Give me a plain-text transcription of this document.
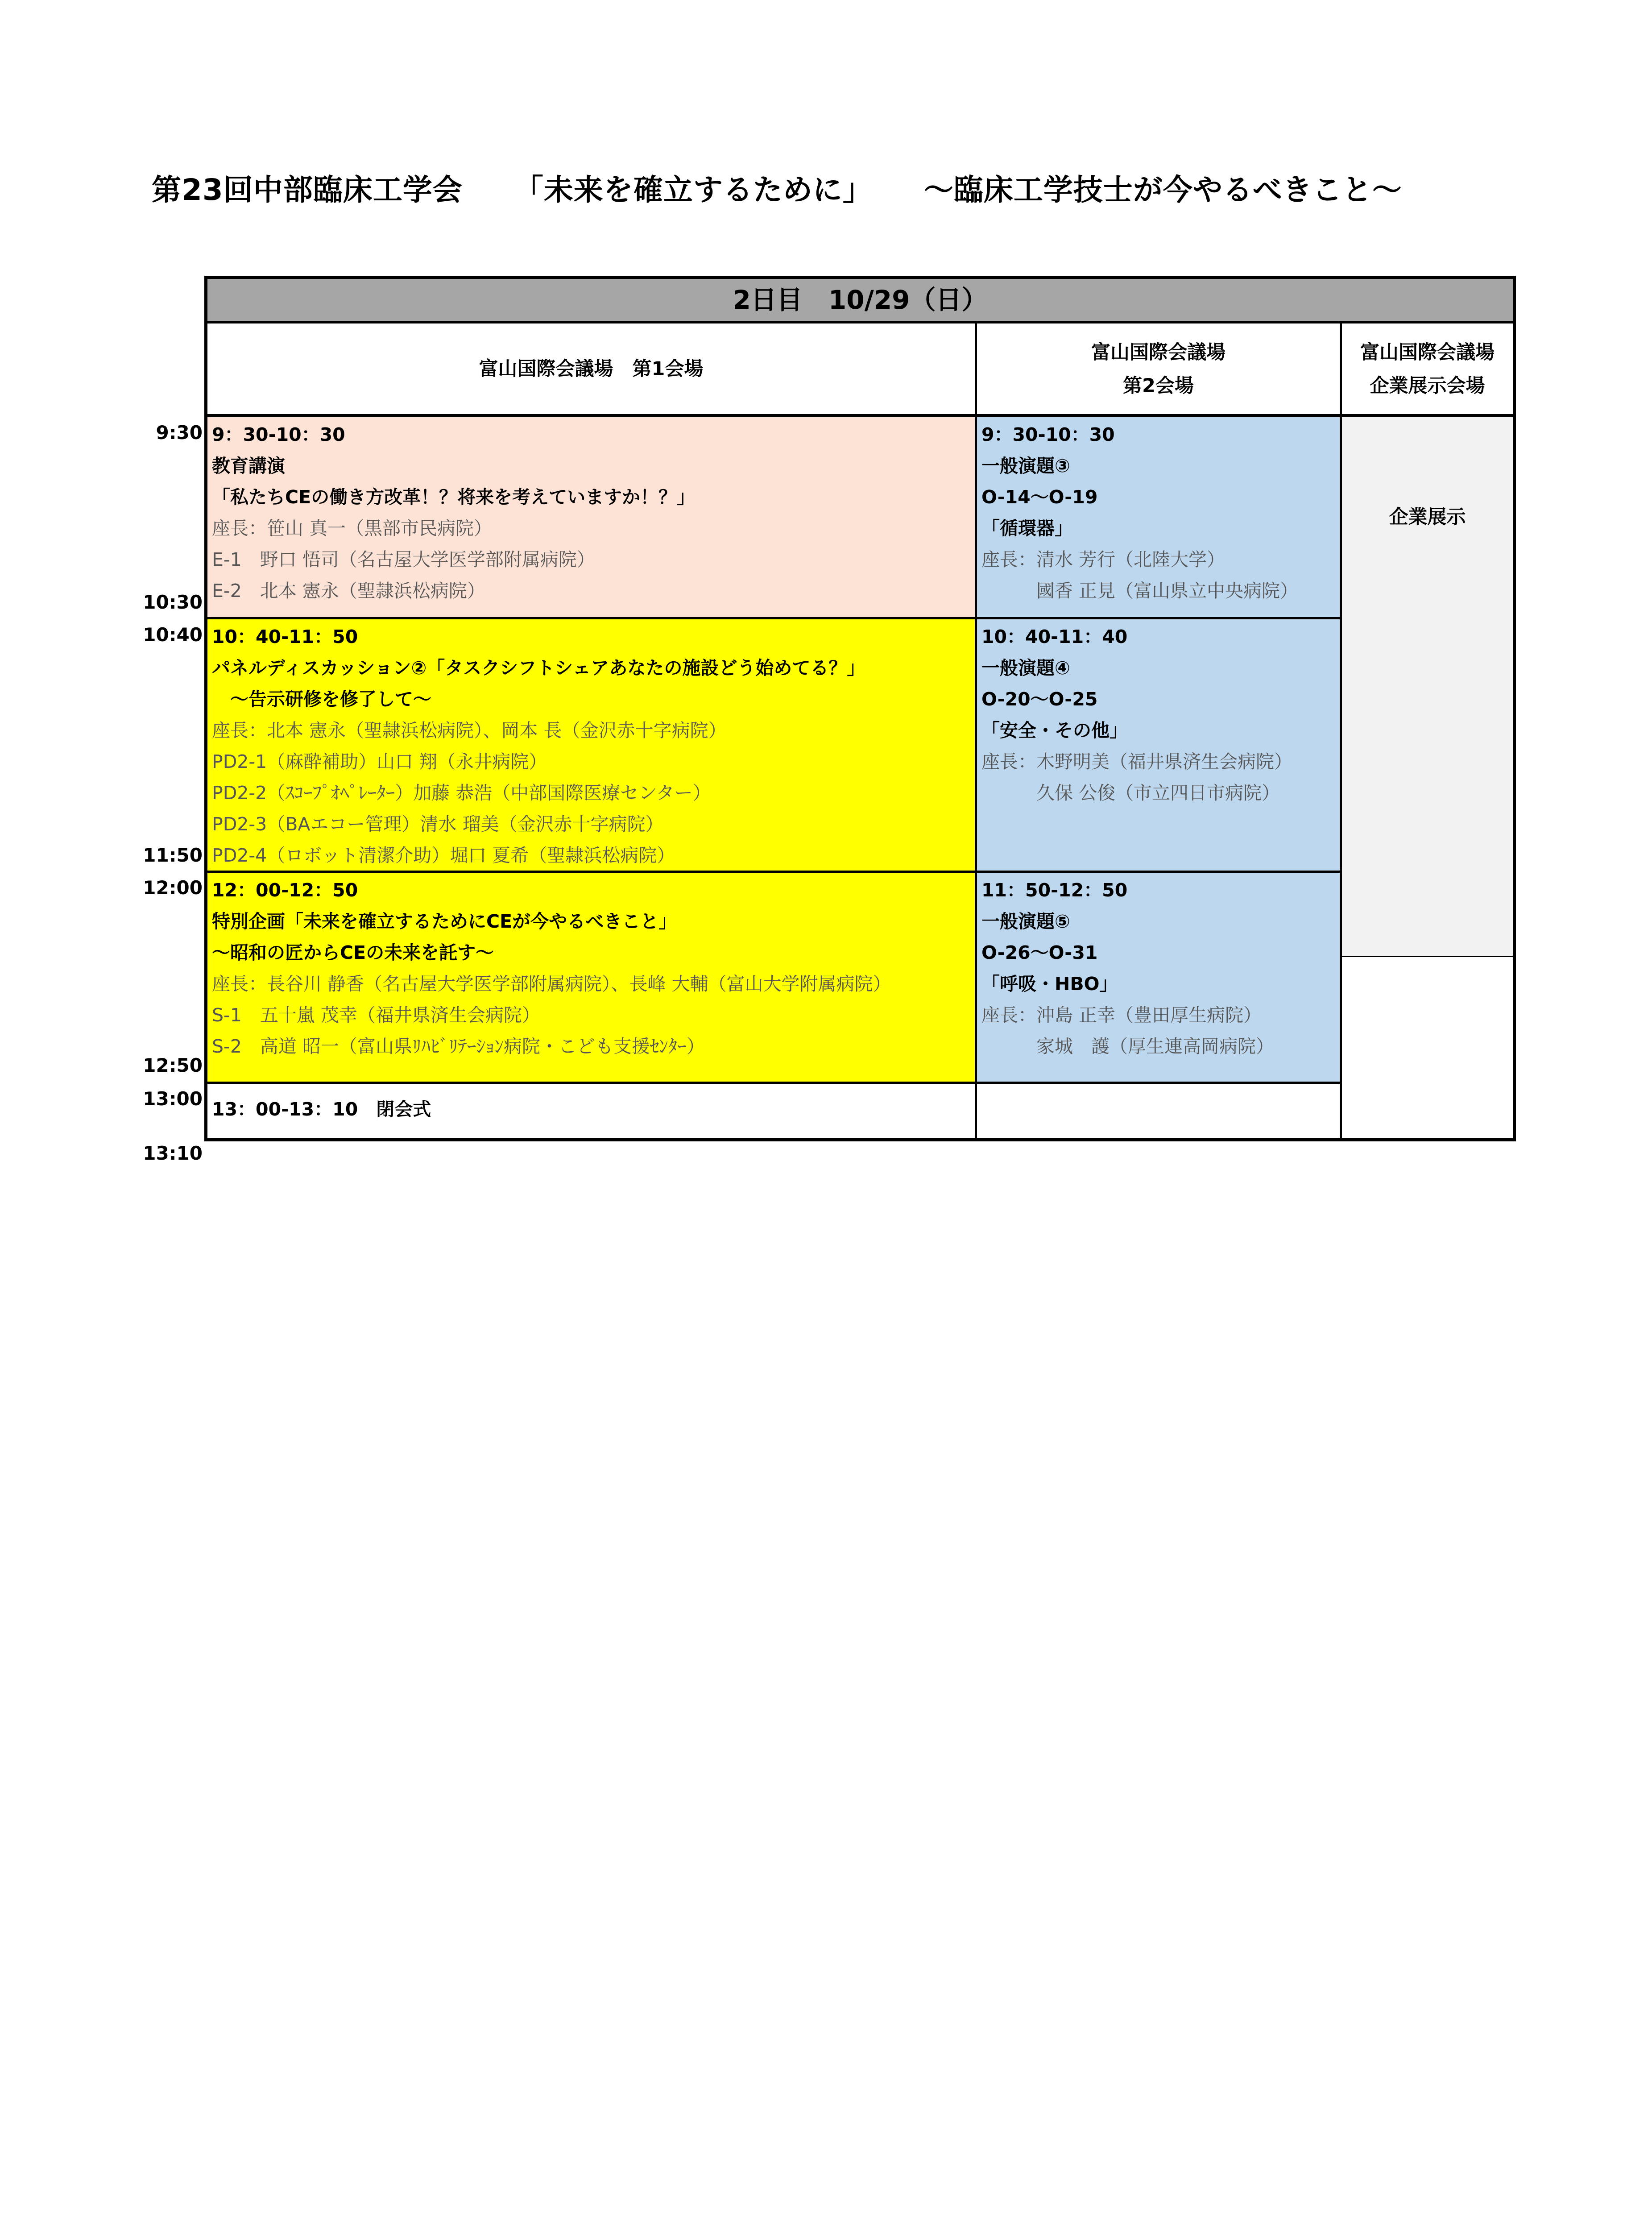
第23回中部臨床工学会 「未来を確立するために」 ～臨床工学技士が今やるべきこと～
9:30
10:30
10:40
11:50
12:00
12:50
13:00
13:10
2日目　10/29（日）
富山国際会議場　第1会場
富山国際会議場
第2会場
富山国際会議場
企業展示会場
9：30-10：30
教育講演
「私たちCEの働き方改革！？将来を考えていますか！？」
座長：笹山 真一（黒部市民病院）
E-1　野口 悟司（名古屋大学医学部附属病院）
E-2　北本 憲永（聖隷浜松病院）
10：40-11：50
パネルディスカッション②「タスクシフトシェアあなたの施設どう始めてる？」
　～告示研修を修了して～
座長：北本 憲永（聖隷浜松病院）、岡本 長（金沢赤十字病院）
PD2-1（麻酔補助）山口 翔（永井病院）
PD2-2（ｽｺｰﾌﾟｵﾍﾟﾚｰﾀｰ）加藤 恭浩（中部国際医療センター）
PD2-3（BAエコー管理）清水 瑠美（金沢赤十字病院）
PD2-4（ロボット清潔介助）堀口 夏希（聖隷浜松病院）
12：00-12：50
特別企画「未来を確立するためにCEが今やるべきこと」
～昭和の匠からCEの未来を託す～
座長：長谷川 静香（名古屋大学医学部附属病院）、長峰 大輔（富山大学附属病院）
S-1　五十嵐 茂幸（福井県済生会病院）
S-2　高道 昭一（富山県ﾘﾊﾋﾞﾘﾃｰｼｮﾝ病院・こども支援ｾﾝﾀｰ）
13：00-13：10　閉会式
9：30-10：30
一般演題③
O-14～O-19
「循環器」
座長：清水 芳行（北陸大学）
　　　國香 正見（富山県立中央病院）
10：40-11：40
一般演題④
O-20～O-25
「安全・その他」
座長：木野明美（福井県済生会病院）
　　　久保 公俊（市立四日市病院）
11：50-12：50
一般演題⑤
O-26～O-31
「呼吸・HBO」
座長：沖島 正幸（豊田厚生病院）
　　　家城　護（厚生連高岡病院）
企業展示
